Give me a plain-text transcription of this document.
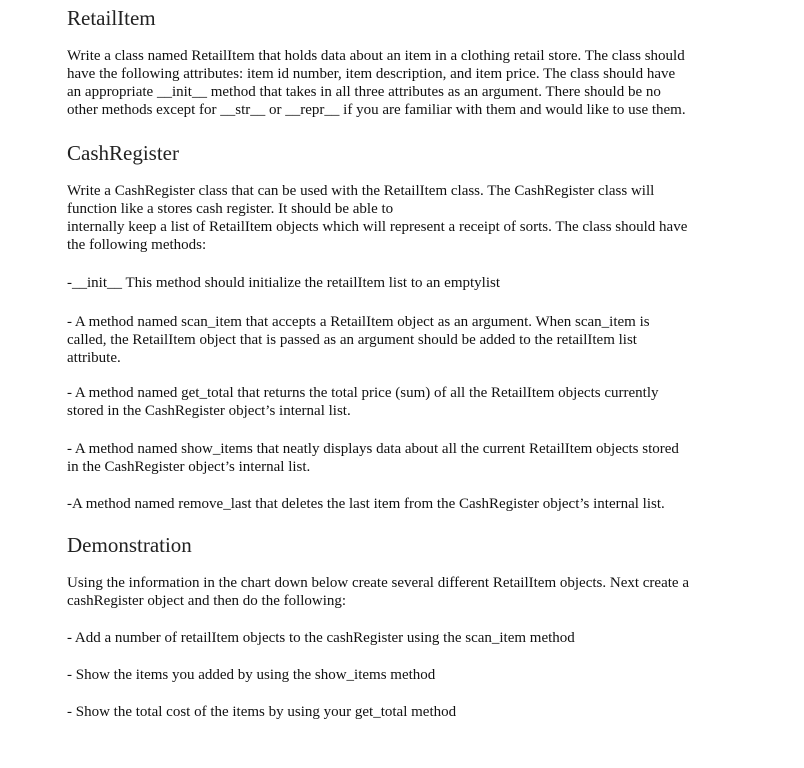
RetailItem

Write a class named RetailItem that holds data about an item in a clothing retail store. The class should
have the following attributes: item id number, item description, and item price. The class should have
an appropriate __init__ method that takes in all three attributes as an argument. There should be no
other methods except for __str__ or __repr__ if you are familiar with them and would like to use them.

CashRegister

Write a CashRegister class that can be used with the RetailItem class. The CashRegister class will
function like a stores cash register. It should be able to
internally keep a list of RetailItem objects which will represent a receipt of sorts. The class should have
the following methods:

-__init__ This method should initialize the retailItem list to an emptylist

- A method named scan_item that accepts a RetailItem object as an argument. When scan_item is
called, the RetailItem object that is passed as an argument should be added to the retailItem list
attribute.

- A method named get_total that returns the total price (sum) of all the RetailItem objects currently
stored in the CashRegister object’s internal list.

- A method named show_items that neatly displays data about all the current RetailItem objects stored
in the CashRegister object’s internal list.

-A method named remove_last that deletes the last item from the CashRegister object’s internal list.

Demonstration

Using the information in the chart down below create several different RetailItem objects. Next create a
cashRegister object and then do the following:

- Add a number of retailItem objects to the cashRegister using the scan_item method

- Show the items you added by using the show_items method

- Show the total cost of the items by using your get_total method
